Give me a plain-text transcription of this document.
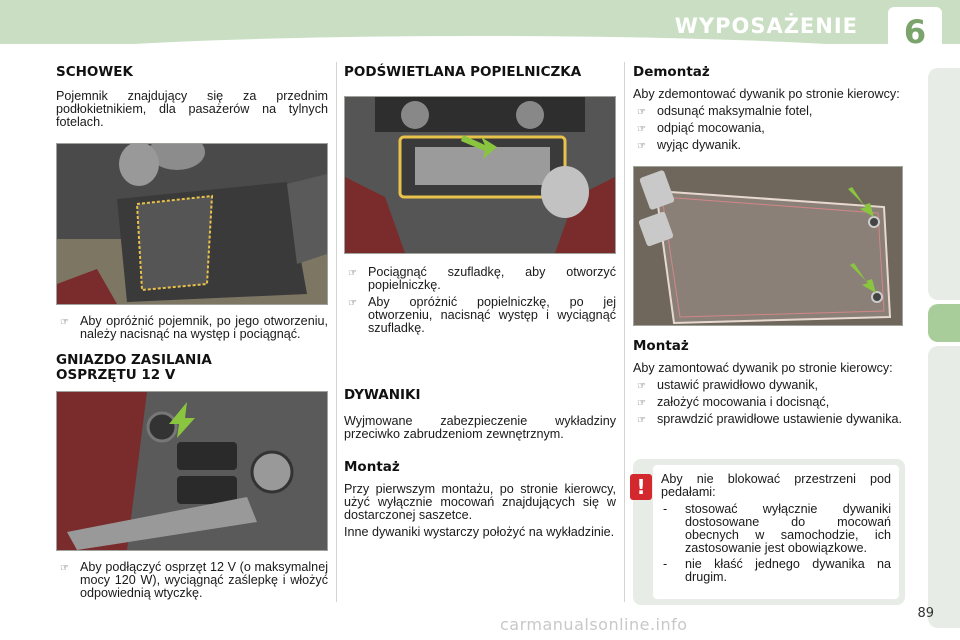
WYPOSAŻENIE 6
SCHOWEK

Pojemnik znajdujący się za przednim podłokietnikiem, dla pasażerów na tylnych fotelach.

☞ Aby opróżnić pojemnik, po jego otworzeniu, należy nacisnąć na występ i pociągnąć.
GNIAZDO ZASILANIA
OSPRZĘTU 12 V
☞ Aby podłączyć osprzęt 12 V (o maksymalnej mocy 120 W), wyciągnąć zaślepkę i włożyć odpowiednią wtyczkę.
PODŚWIETLANA POPIELNICZKA
☞ Pociągnąć szufladkę, aby otworzyć popielniczkę.
☞ Aby opróżnić popielniczkę, po jej otworzeniu, nacisnąć występ i wyciągnąć szufladkę.
DYWANIKI

Wyjmowane zabezpieczenie wykładziny przeciwko zabrudzeniom zewnętrznym.

Montaż

Przy pierwszym montażu, po stronie kierowcy, użyć wyłącznie mocowań znajdujących się w dostarczonej saszetce.

Inne dywaniki wystarczy położyć na wykładzinie.

Demontaż

Aby zdemontować dywanik po stronie kierowcy:

☞ odsunąć maksymalnie fotel,
☞ odpiąć mocowania,
☞ wyjąc dywanik.
Montaż

Aby zamontować dywanik po stronie kierowcy:

☞ ustawić prawidłowo dywanik,
☞ założyć mocowania i docisnąć,
☞ sprawdzić prawidłowe ustawienie dywanika.

Aby nie blokować przestrzeni pod pedałami:

- stosować wyłącznie dywaniki dostosowane do mocowań obecnych w samochodzie, ich zastosowanie jest obowiązkowe.
- nie kłaść jednego dywanika na drugim.
!
carmanualsonline.info
89
